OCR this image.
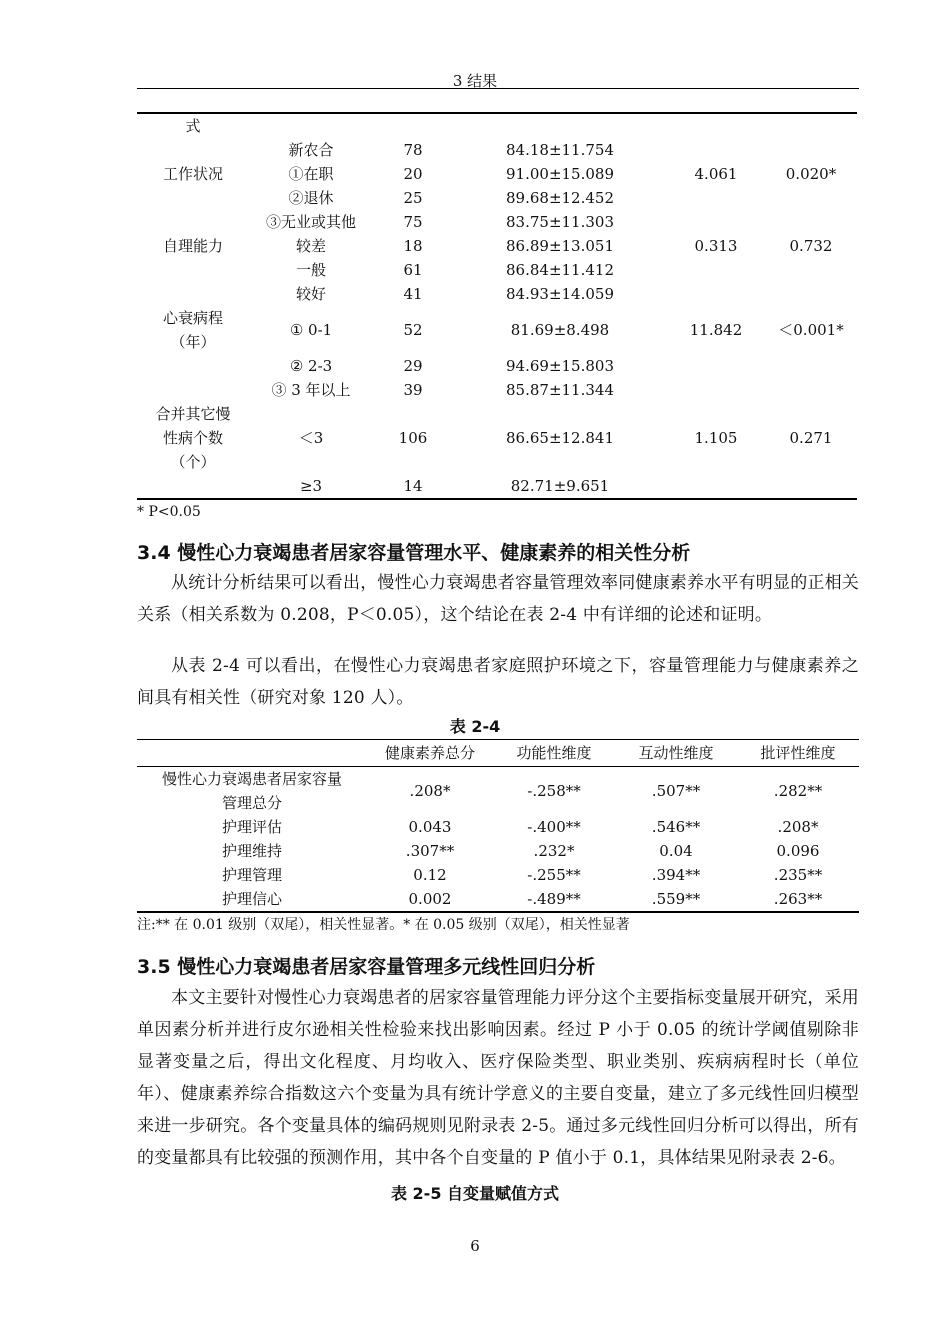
3 结果
式					
	新农合	78	84.18±11.754		
工作状况	①在职	20	91.00±15.089	4.061	0.020*
	②退休	25	89.68±12.452		
	③无业或其他	75	83.75±11.303		
自理能力	较差	18	86.89±13.051	0.313	0.732
	一般	61	86.84±11.412		
	较好	41	84.93±14.059		
心衰病程
（年）	① 0-1	52	81.69±8.498	11.842	＜0.001*
	② 2-3	29	94.69±15.803		
	③ 3 年以上	39	85.87±11.344		
合并其它慢
性病个数
（个）	＜3	106	86.65±12.841	1.105	0.271
	≥3	14	82.71±9.651		
* P<0.05
3.4 慢性心力衰竭患者居家容量管理水平、健康素养的相关性分析

从统计分析结果可以看出，慢性心力衰竭患者容量管理效率同健康素养水平有明显的正相关关系（相关系数为 0.208，P＜0.05），这个结论在表 2-4 中有详细的论述和证明。

从表 2-4 可以看出，在慢性心力衰竭患者家庭照护环境之下，容量管理能力与健康素养之间具有相关性（研究对象 120 人）。

表 2-4
	健康素养总分	功能性维度	互动性维度	批评性维度
慢性心力衰竭患者居家容量
管理总分	.208*	-.258**	.507**	.282**
护理评估	0.043	-.400**	.546**	.208*
护理维持	.307**	.232*	0.04	0.096
护理管理	0.12	-.255**	.394**	.235**
护理信心	0.002	-.489**	.559**	.263**
注:** 在 0.01 级别（双尾），相关性显著。* 在 0.05 级别（双尾），相关性显著
3.5 慢性心力衰竭患者居家容量管理多元线性回归分析

本文主要针对慢性心力衰竭患者的居家容量管理能力评分这个主要指标变量展开研究，采用单因素分析并进行皮尔逊相关性检验来找出影响因素。经过 P 小于 0.05 的统计学阈值剔除非显著变量之后，得出文化程度、月均收入、医疗保险类型、职业类别、疾病病程时长（单位年）、健康素养综合指数这六个变量为具有统计学意义的主要自变量，建立了多元线性回归模型来进一步研究。各个变量具体的编码规则见附录表 2-5。通过多元线性回归分析可以得出，所有的变量都具有比较强的预测作用，其中各个自变量的 P 值小于 0.1，具体结果见附录表 2-6。

表 2-5 自变量赋值方式
6
